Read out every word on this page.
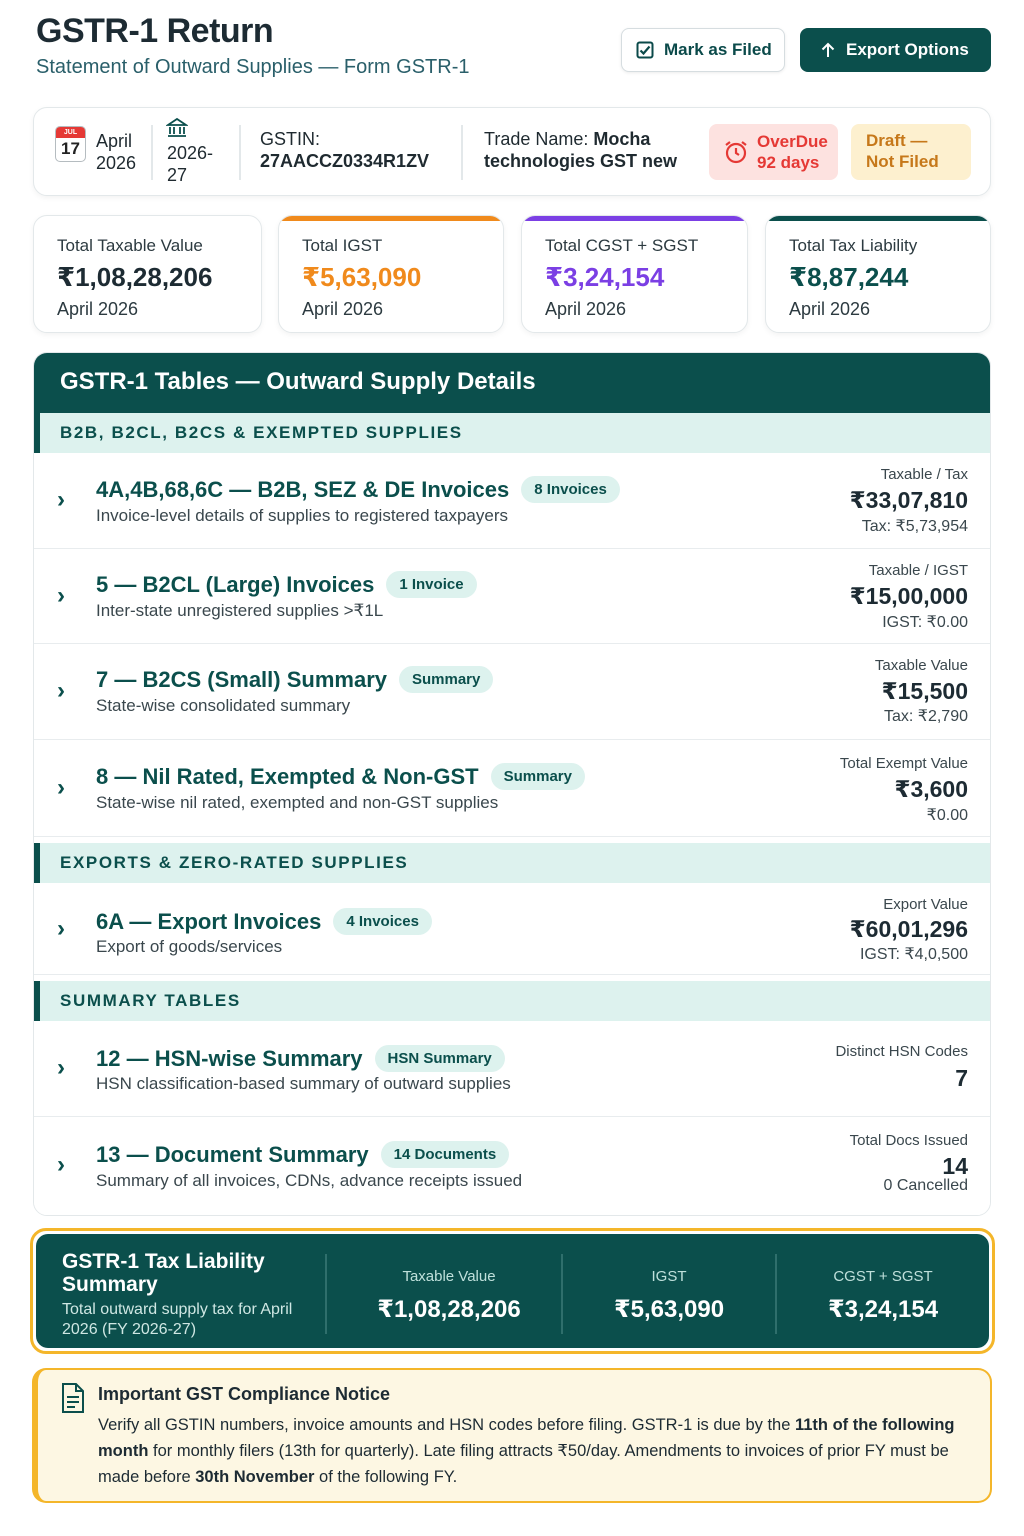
GSTR-1 Return
Statement of Outward Supplies — Form GSTR-1
Mark as Filed	Export Options
JUL
17 April
2026 2026-
27
GSTIN:
27AACCZ0334R1ZV
Trade Name: Mocha
technologies GST new
OverDue
92 days
Draft —
Not Filed
Total Taxable Value
₹1,08,28,206
April 2026
Total IGST
₹5,63,090
April 2026
Total CGST + SGST
₹3,24,154
April 2026
Total Tax Liability
₹8,87,244
April 2026
GSTR-1 Tables — Outward Supply Details
B2B, B2CL, B2CS & EXEMPTED SUPPLIES
› 4A,4B,68,6C — B2B, SEZ & DE Invoices	8 Invoices
Invoice-level details of supplies to registered taxpayers
Taxable / Tax
₹33,07,810
Tax: ₹5,73,954
› 5 — B2CL (Large) Invoices	1 Invoice
Inter-state unregistered supplies >₹1L
Taxable / IGST
₹15,00,000
IGST: ₹0.00
› 7 — B2CS (Small) Summary	Summary
State-wise consolidated summary
Taxable Value
₹15,500
Tax: ₹2,790
› 8 — Nil Rated, Exempted & Non-GST	Summary
State-wise nil rated, exempted and non-GST supplies
Total Exempt Value
₹3,600
₹0.00
EXPORTS & ZERO-RATED SUPPLIES
› 6A — Export Invoices	4 Invoices
Export of goods/services
Export Value
₹60,01,296
IGST: ₹4,0,500
SUMMARY TABLES
› 12 — HSN-wise Summary	HSN Summary
HSN classification-based summary of outward supplies
Distinct HSN Codes
7
› 13 — Document Summary	14 Documents
Summary of all invoices, CDNs, advance receipts issued
Total Docs Issued
14
0 Cancelled
GSTR-1 Tax Liability Summary
Total outward supply tax for April 2026 (FY 2026-27)
Taxable Value
₹1,08,28,206
IGST
₹5,63,090
CGST + SGST
₹3,24,154
Important GST Compliance Notice
Verify all GSTIN numbers, invoice amounts and HSN codes before filing. GSTR-1 is due by the 11th of the following month for monthly filers (13th for quarterly). Late filing attracts ₹50/day. Amendments to invoices of prior FY must be made before 30th November of the following FY.
